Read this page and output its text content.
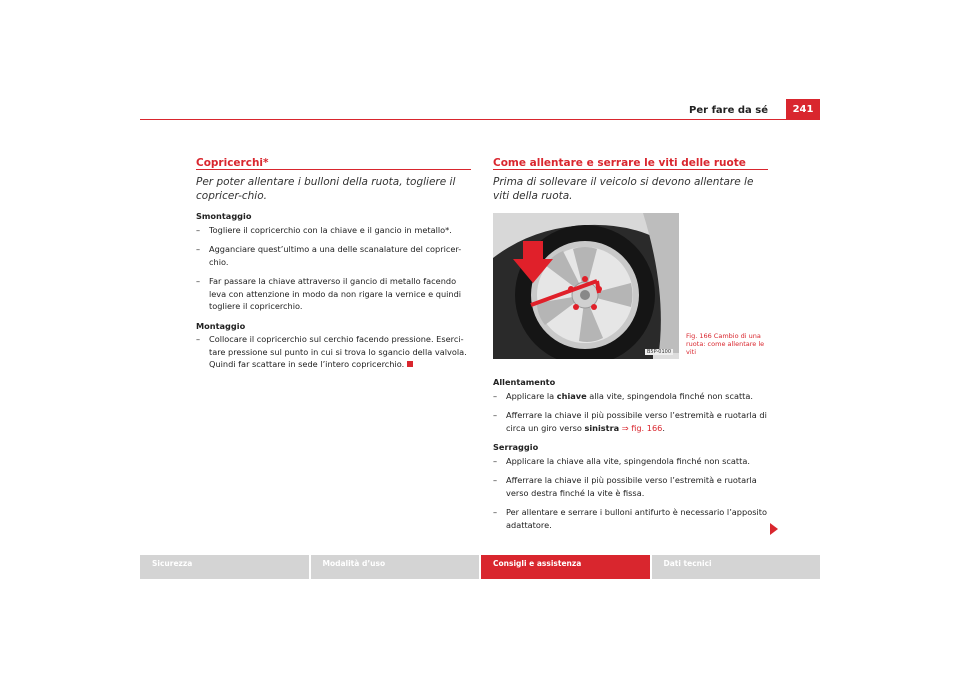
Per fare da sé	241
Copricerchi*
Per poter allentare i bulloni della ruota, togliere il copricer-chio.
Smontaggio
– Togliere il copricerchio con la chiave e il gancio in metallo*.
– Agganciare quest’ultimo a una delle scanalature del copricer-chio.
– Far passare la chiave attraverso il gancio di metallo facendo leva con attenzione in modo da non rigare la vernice e quindi togliere il copricerchio.
Montaggio
– Collocare il copricerchio sul cerchio facendo pressione. Eserci-tare pressione sul punto in cui si trova lo sgancio della valvola. Quindi far scattare in sede l’intero copricerchio.
Come allentare e serrare le viti delle ruote
Prima di sollevare il veicolo si devono allentare le viti della ruota.
B5P-0100
Fig. 166 Cambio di una ruota: come allentare le viti
Allentamento
– Applicare la chiave alla vite, spingendola finché non scatta.
– Afferrare la chiave il più possibile verso l’estremità e ruotarla di circa un giro verso sinistra ⇒ fig. 166.
Serraggio
– Applicare la chiave alla vite, spingendola finché non scatta.
– Afferrare la chiave il più possibile verso l’estremità e ruotarla verso destra finché la vite è fissa.
– Per allentare e serrare i bulloni antifurto è necessario l’apposito adattatore.
Sicurezza	Modalità d’uso	Consigli e assistenza	Dati tecnici
